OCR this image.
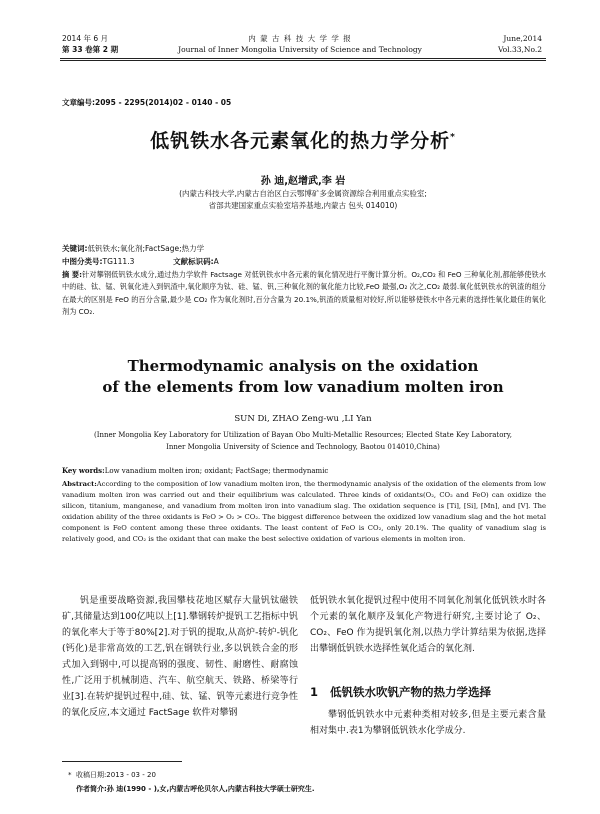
2014 年 6 月
第 33 卷第 2 期
内 蒙 古 科 技 大 学 学 报
Journal of Inner Mongolia University of Science and Technology
June,2014
Vol.33,No.2
文章编号:2095 - 2295(2014)02 - 0140 - 05
低钒铁水各元素氧化的热力学分析*
孙 迪,赵增武,李 岩
(内蒙古科技大学,内蒙古自治区白云鄂博矿多金属资源综合利用重点实验室;
省部共建国家重点实验室培养基地,内蒙古 包头 014010)
关键词:低钒铁水;氧化剂;FactSage;热力学
中图分类号:TG111.3	文献标识码:A
摘 要:针对攀钢低钒铁水成分,通过热力学软件 Factsage 对低钒铁水中各元素的氧化情况进行平衡计算分析。O₂,CO₂ 和 FeO 三种氧化剂,都能够使铁水中的硅、钛、锰、钒氧化进入到钒渣中,氧化顺序为钛、硅、锰、钒,三种氧化剂的氧化能力比较,FeO 最强,O₂ 次之,CO₂ 最弱.氧化低钒铁水的钒渣的组分在最大的区别是 FeO 的百分含量,最少是 CO₂ 作为氧化剂时,百分含量为 20.1%,钒渣的质量相对较好,所以能够使铁水中各元素的选择性氧化最佳的氧化剂为 CO₂.
Thermodynamic analysis on the oxidation
of the elements from low vanadium molten iron
SUN Di, ZHAO Zeng-wu ,LI Yan
(Inner Mongolia Key Laboratory for Utilization of Bayan Obo Multi-Metallic Resources; Elected State Key Laboratory,
Inner Mongolia University of Science and Technology, Baotou 014010,China)
Key words:Low vanadium molten iron; oxidant; FactSage; thermodynamic
Abstract:According to the composition of low vanadium molten iron, the thermodynamic analysis of the oxidation of the elements from low vanadium molten iron was carried out and their equilibrium was calculated. Three kinds of oxidants(O₂, CO₂ and FeO) can oxidize the silicon, titanium, manganese, and vanadium from molten iron into vanadium slag. The oxidation sequence is [Ti], [Si], [Mn], and [V]. The oxidation ability of the three oxidants is FeO > O₂ > CO₂. The biggest difference between the oxidized low vanadium slag and the hot metal component is FeO content among these three oxidants. The least content of FeO is CO₂, only 20.1%. The quality of vanadium slag is relatively good, and CO₂ is the oxidant that can make the best selective oxidation of various elements in molten iron.
钒是重要战略资源,我国攀枝花地区赋存大量钒钛磁铁矿,其储量达到100亿吨以上[1].攀钢转炉提钒工艺指标中钒的氧化率大于等于80%[2].对于钒的提取,从高炉-转炉-钒化(钙化)是非常高效的工艺,钒在钢铁行业,多以钒铁合金的形式加入到钢中,可以提高钢的强度、韧性、耐磨性、耐腐蚀性,广泛用于机械制造、汽车、航空航天、铁路、桥梁等行业[3].在转炉提钒过程中,硅、钛、锰、钒等元素进行竞争性的氧化反应,本文通过 FactSage 软件对攀钢
低钒铁水氧化提钒过程中使用不同氧化剂氧化低钒铁水时各个元素的氧化顺序及氧化产物进行研究,主要讨论了 O₂、CO₂、FeO 作为提钒氧化剂,以热力学计算结果为依据,选择出攀钢低钒铁水选择性氧化适合的氧化剂.
1 低钒铁水吹钒产物的热力学选择
攀钢低钒铁水中元素种类相对较多,但是主要元素含量相对集中.表1为攀钢低钒铁水化学成分.
*  收稿日期:2013 - 03 - 20
作者简介:孙 迪(1990 - ),女,内蒙古呼伦贝尔人,内蒙古科技大学硕士研究生.
